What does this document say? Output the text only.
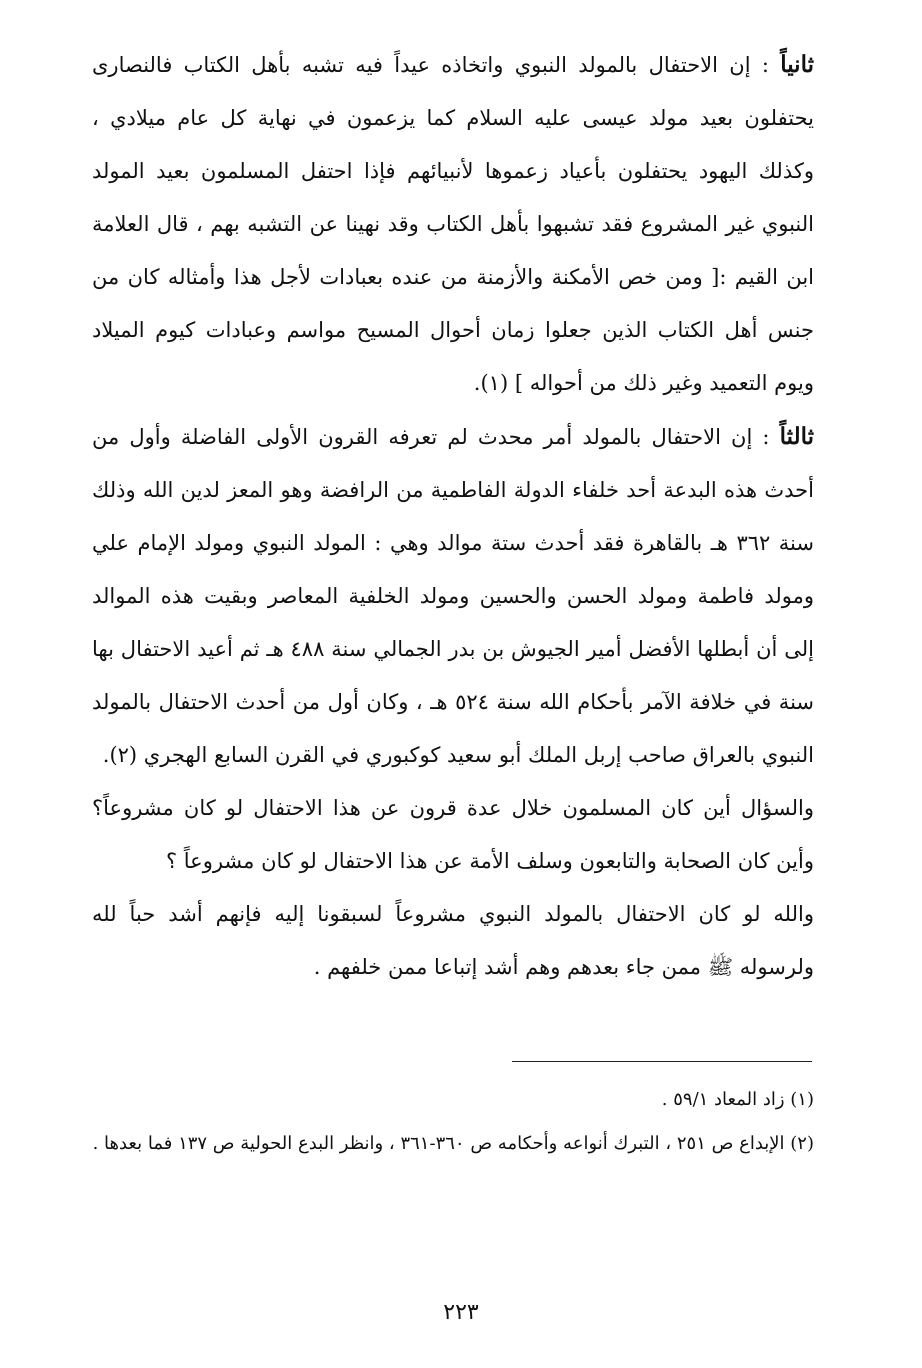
ثانياً : إن الاحتفال بالمولد النبوي واتخاذه عيداً فيه تشبه بأهل الكتاب فالنصارى يحتفلون بعيد مولد عيسى عليه السلام كما يزعمون في نهاية كل عام ميلادي ، وكذلك اليهود يحتفلون بأعياد زعموها لأنبيائهم فإذا احتفل المسلمون بعيد المولد النبوي غير المشروع فقد تشبهوا بأهل الكتاب وقد نهينا عن التشبه بهم ، قال العلامة ابن القيم :[ ومن خص الأمكنة والأزمنة من عنده بعبادات لأجل هذا وأمثاله كان من جنس أهل الكتاب الذين جعلوا زمان أحوال المسيح مواسم وعبادات كيوم الميلاد ويوم التعميد وغير ذلك من أحواله ] (١).

ثالثاً : إن الاحتفال بالمولد أمر محدث لم تعرفه القرون الأولى الفاضلة وأول من أحدث هذه البدعة أحد خلفاء الدولة الفاطمية من الرافضة وهو المعز لدين الله وذلك سنة ٣٦٢ هـ بالقاهرة فقد أحدث ستة موالد وهي : المولد النبوي ومولد الإمام علي ومولد فاطمة ومولد الحسن والحسين ومولد الخلفية المعاصر وبقيت هذه الموالد إلى أن أبطلها الأفضل أمير الجيوش بن بدر الجمالي سنة ٤٨٨ هـ ثم أعيد الاحتفال بها سنة في خلافة الآمر بأحكام الله سنة ٥٢٤ هـ ، وكان أول من أحدث الاحتفال بالمولد النبوي بالعراق صاحب إربل الملك أبو سعيد كوكبوري في القرن السابع الهجري (٢).

والسؤال أين كان المسلمون خلال عدة قرون عن هذا الاحتفال لو كان مشروعاً؟ وأين كان الصحابة والتابعون وسلف الأمة عن هذا الاحتفال لو كان مشروعاً ؟

والله لو كان الاحتفال بالمولد النبوي مشروعاً لسبقونا إليه فإنهم أشد حباً لله ولرسوله ﷺ ممن جاء بعدهم وهم أشد إتباعا ممن خلفهم .

(١) زاد المعاد ٥٩/١ .

(٢) الإبداع ص ٢٥١ ، التبرك أنواعه وأحكامه ص ٣٦٠-٣٦١ ، وانظر البدع الحولية ص ١٣٧ فما بعدها .

٢٢٣
